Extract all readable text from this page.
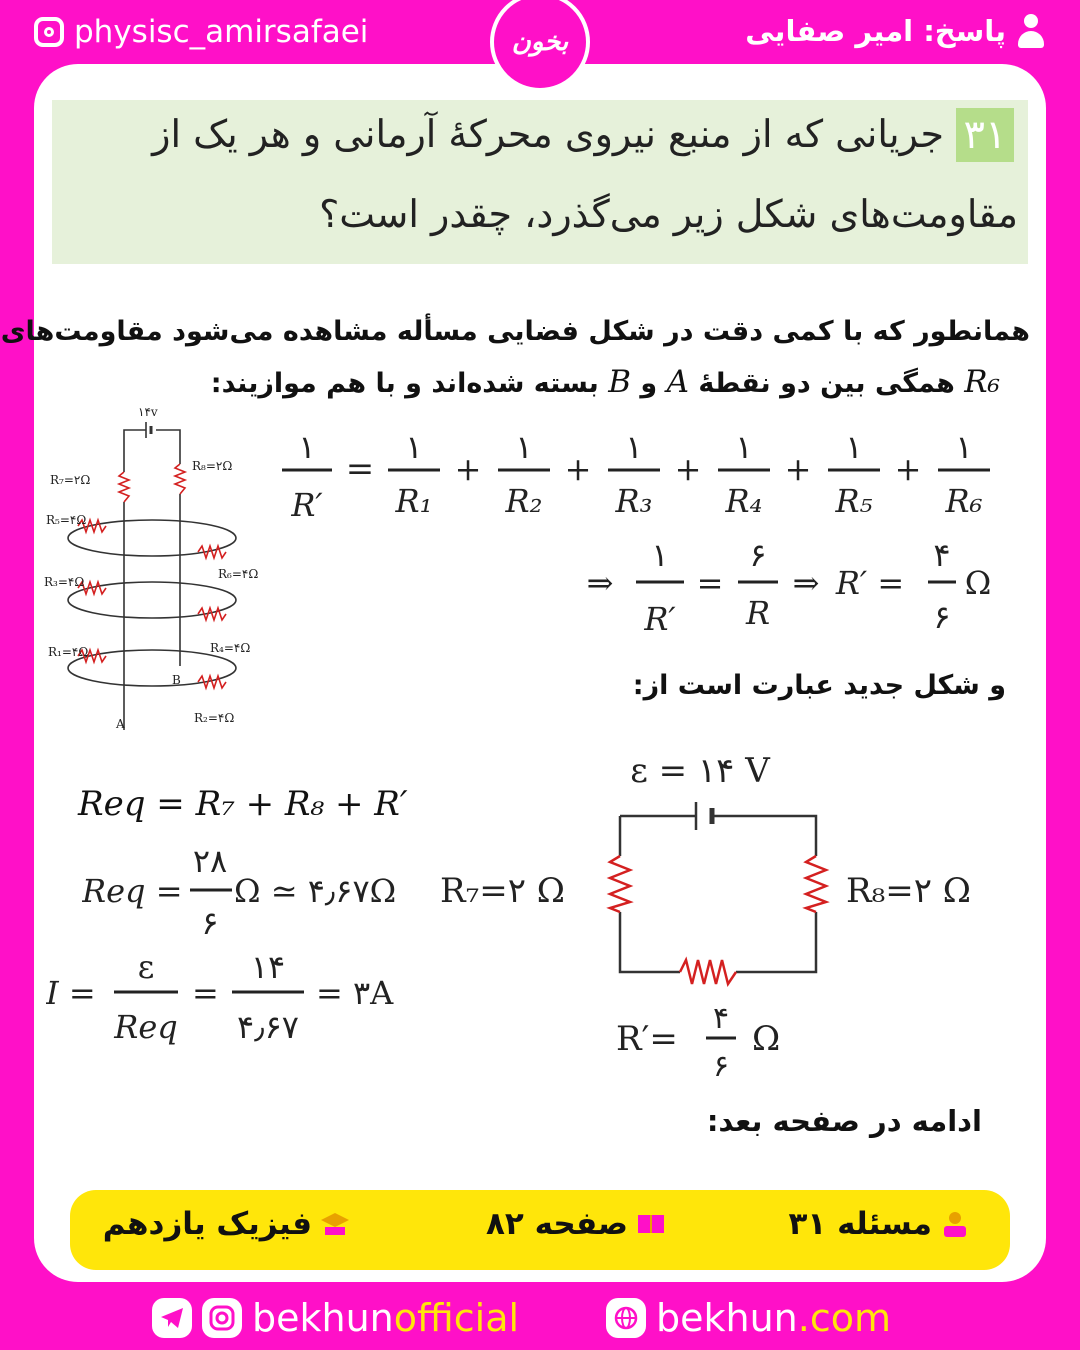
physisc_amirsafaei	پاسخ: امیر صفایی
۳۱
جریانی که از منبع نیروی محرکهٔ آرمانی و هر یک از
مقاومت‌های شکل زیر می‌گذرد، چقدر است؟
همانطور که با کمی دقت در شکل فضایی مسأله مشاهده می‌شود مقاومت‌های
R₆ همگی بین دو نقطهٔ A و B بسته شده‌اند و با هم موازیند:
۱۴v
R₇=۲Ω
R₈=۲Ω
R₅=۴Ω
R₆=۴Ω
R₃=۴Ω
R₄=۴Ω
R₁=۴Ω
R₂=۴Ω
A
B
۱
R′
=
۱
R₁
+
۱
R₂
+
۱
R₃
+
۱
R₄
+
۱
R₅
+
۱
R₆
⇒
۱
R′
=
۶
R
⇒ R′ =
۴
۶
Ω
و شکل جدید عبارت است از:
Req = R₇ + R₈ + R′
Req =
۲۸
۶
Ω ≃ ۴٫۶۷Ω
I =
ε
Req
=
۱۴
۴٫۶۷
= ۳A
ε = ۱۴ V
R₇=۲ Ω	R₈=۲ Ω
R′=
۴
۶
Ω
ادامه در صفحه بعد:
بخون
مسئله ۳۱
صفحه ۸۲
فیزیک یازدهم
bekhunofficial	bekhun.com
